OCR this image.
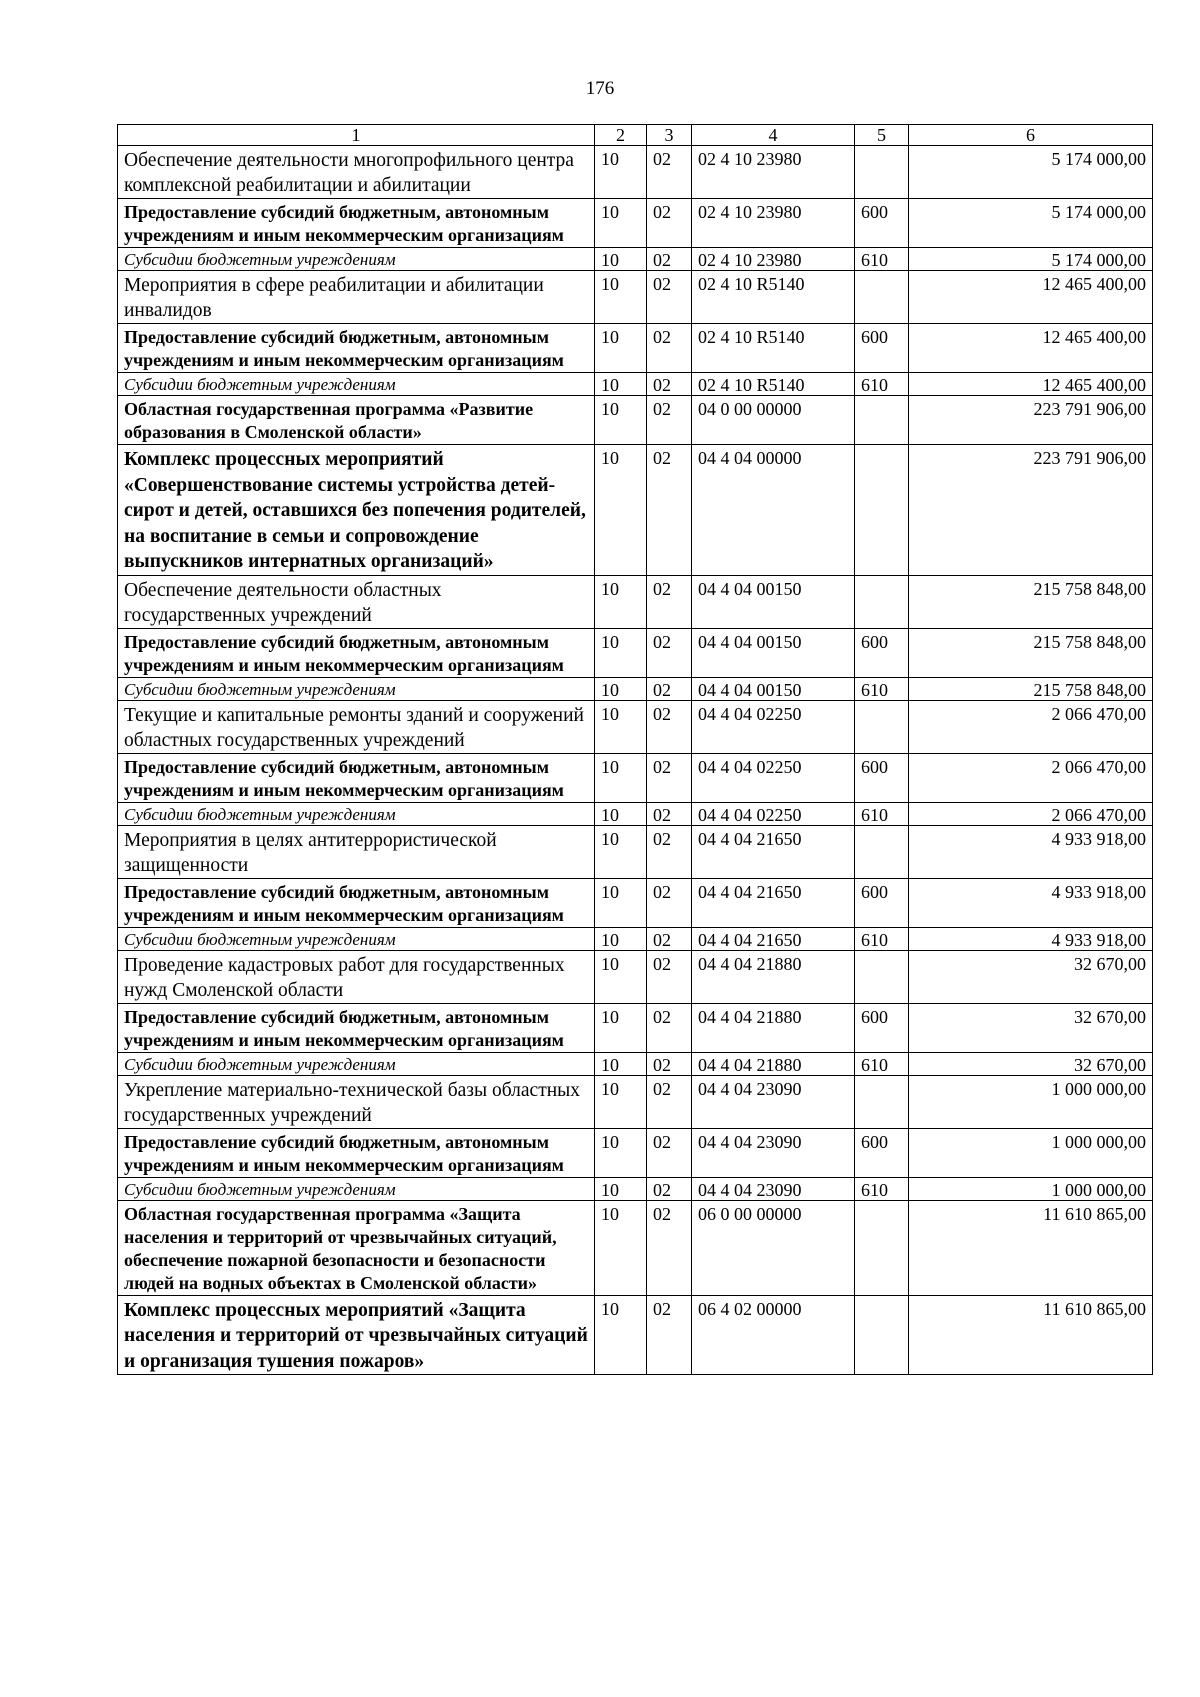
176
1	2	3	4	5	6
Обеспечение деятельности многопрофильного центра комплексной реабилитации и абилитации	10	02	02 4 10 23980		5 174 000,00
Предоставление субсидий бюджетным, автономным учреждениям и иным некоммерческим организациям	10	02	02 4 10 23980	600	5 174 000,00
Субсидии бюджетным учреждениям	10	02	02 4 10 23980	610	5 174 000,00
Мероприятия в сфере реабилитации и абилитации инвалидов	10	02	02 4 10 R5140		12 465 400,00
Предоставление субсидий бюджетным, автономным учреждениям и иным некоммерческим организациям	10	02	02 4 10 R5140	600	12 465 400,00
Субсидии бюджетным учреждениям	10	02	02 4 10 R5140	610	12 465 400,00
Областная государственная программа «Развитие образования в Смоленской области»	10	02	04 0 00 00000		223 791 906,00
Комплекс процессных мероприятий «Совершенствование системы устройства детей-сирот и детей, оставшихся без попечения родителей, на воспитание в семьи и сопровождение выпускников интернатных организаций»	10	02	04 4 04 00000		223 791 906,00
Обеспечение деятельности областных государственных учреждений	10	02	04 4 04 00150		215 758 848,00
Предоставление субсидий бюджетным, автономным учреждениям и иным некоммерческим организациям	10	02	04 4 04 00150	600	215 758 848,00
Субсидии бюджетным учреждениям	10	02	04 4 04 00150	610	215 758 848,00
Текущие и капитальные ремонты зданий и сооружений областных государственных учреждений	10	02	04 4 04 02250		2 066 470,00
Предоставление субсидий бюджетным, автономным учреждениям и иным некоммерческим организациям	10	02	04 4 04 02250	600	2 066 470,00
Субсидии бюджетным учреждениям	10	02	04 4 04 02250	610	2 066 470,00
Мероприятия в целях антитеррористической защищенности	10	02	04 4 04 21650		4 933 918,00
Предоставление субсидий бюджетным, автономным учреждениям и иным некоммерческим организациям	10	02	04 4 04 21650	600	4 933 918,00
Субсидии бюджетным учреждениям	10	02	04 4 04 21650	610	4 933 918,00
Проведение кадастровых работ для государственных нужд Смоленской области	10	02	04 4 04 21880		32 670,00
Предоставление субсидий бюджетным, автономным учреждениям и иным некоммерческим организациям	10	02	04 4 04 21880	600	32 670,00
Субсидии бюджетным учреждениям	10	02	04 4 04 21880	610	32 670,00
Укрепление материально-технической базы областных государственных учреждений	10	02	04 4 04 23090		1 000 000,00
Предоставление субсидий бюджетным, автономным учреждениям и иным некоммерческим организациям	10	02	04 4 04 23090	600	1 000 000,00
Субсидии бюджетным учреждениям	10	02	04 4 04 23090	610	1 000 000,00
Областная государственная программа «Защита населения и территорий от чрезвычайных ситуаций, обеспечение пожарной безопасности и безопасности людей на водных объектах в Смоленской области»	10	02	06 0 00 00000		11 610 865,00
Комплекс процессных мероприятий «Защита населения и территорий от чрезвычайных ситуаций и организация тушения пожаров»	10	02	06 4 02 00000		11 610 865,00
